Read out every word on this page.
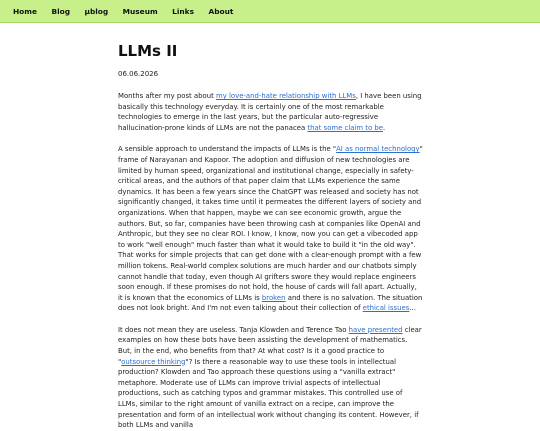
Home Blog µblog Museum Links About
LLMs II
06.06.2026

Months after my post about my love-and-hate relationship with LLMs, I have been using basically this technology everyday. It is certainly one of the most remarkable technologies to emerge in the last years, but the particular auto-regressive hallucination-prone kinds of LLMs are not the panacea that some claim to be.

A sensible approach to understand the impacts of LLMs is the "AI as normal technology" frame of Narayanan and Kapoor. The adoption and diffusion of new technologies are limited by human speed, organizational and institutional change, especially in safety-critical areas, and the authors of that paper claim that LLMs experience the same dynamics. It has been a few years since the ChatGPT was released and society has not significantly changed, it takes time until it permeates the different layers of society and organizations. When that happen, maybe we can see economic growth, argue the authors. But, so far, companies have been throwing cash at companies like OpenAI and Anthropic, but they see no clear ROI. I know, I know, now you can get a vibecoded app to work "well enough" much faster than what it would take to build it "in the old way". That works for simple projects that can get done with a clear-enough prompt with a few million tokens. Real-world complex solutions are much harder and our chatbots simply cannot handle that today, even though AI grifters swore they would replace engineers soon enough. If these promises do not hold, the house of cards will fall apart. Actually, it is known that the economics of LLMs is broken and there is no salvation. The situation does not look bright. And I'm not even talking about their collection of ethical issues...

It does not mean they are useless. Tanja Klowden and Terence Tao have presented clear examples on how these bots have been assisting the development of mathematics. But, in the end, who benefits from that? At what cost? Is it a good practice to "outsource thinking"? Is there a reasonable way to use these tools in intellectual production? Klowden and Tao approach these questions using a "vanilla extract" metaphore. Moderate use of LLMs can improve trivial aspects of intellectual productions, such as catching typos and grammar mistakes. This controlled use of LLMs, similar to the right amount of vanilla extract on a recipe, can improve the presentation and form of an intellectual work without changing its content. However, if both LLMs and vanilla
